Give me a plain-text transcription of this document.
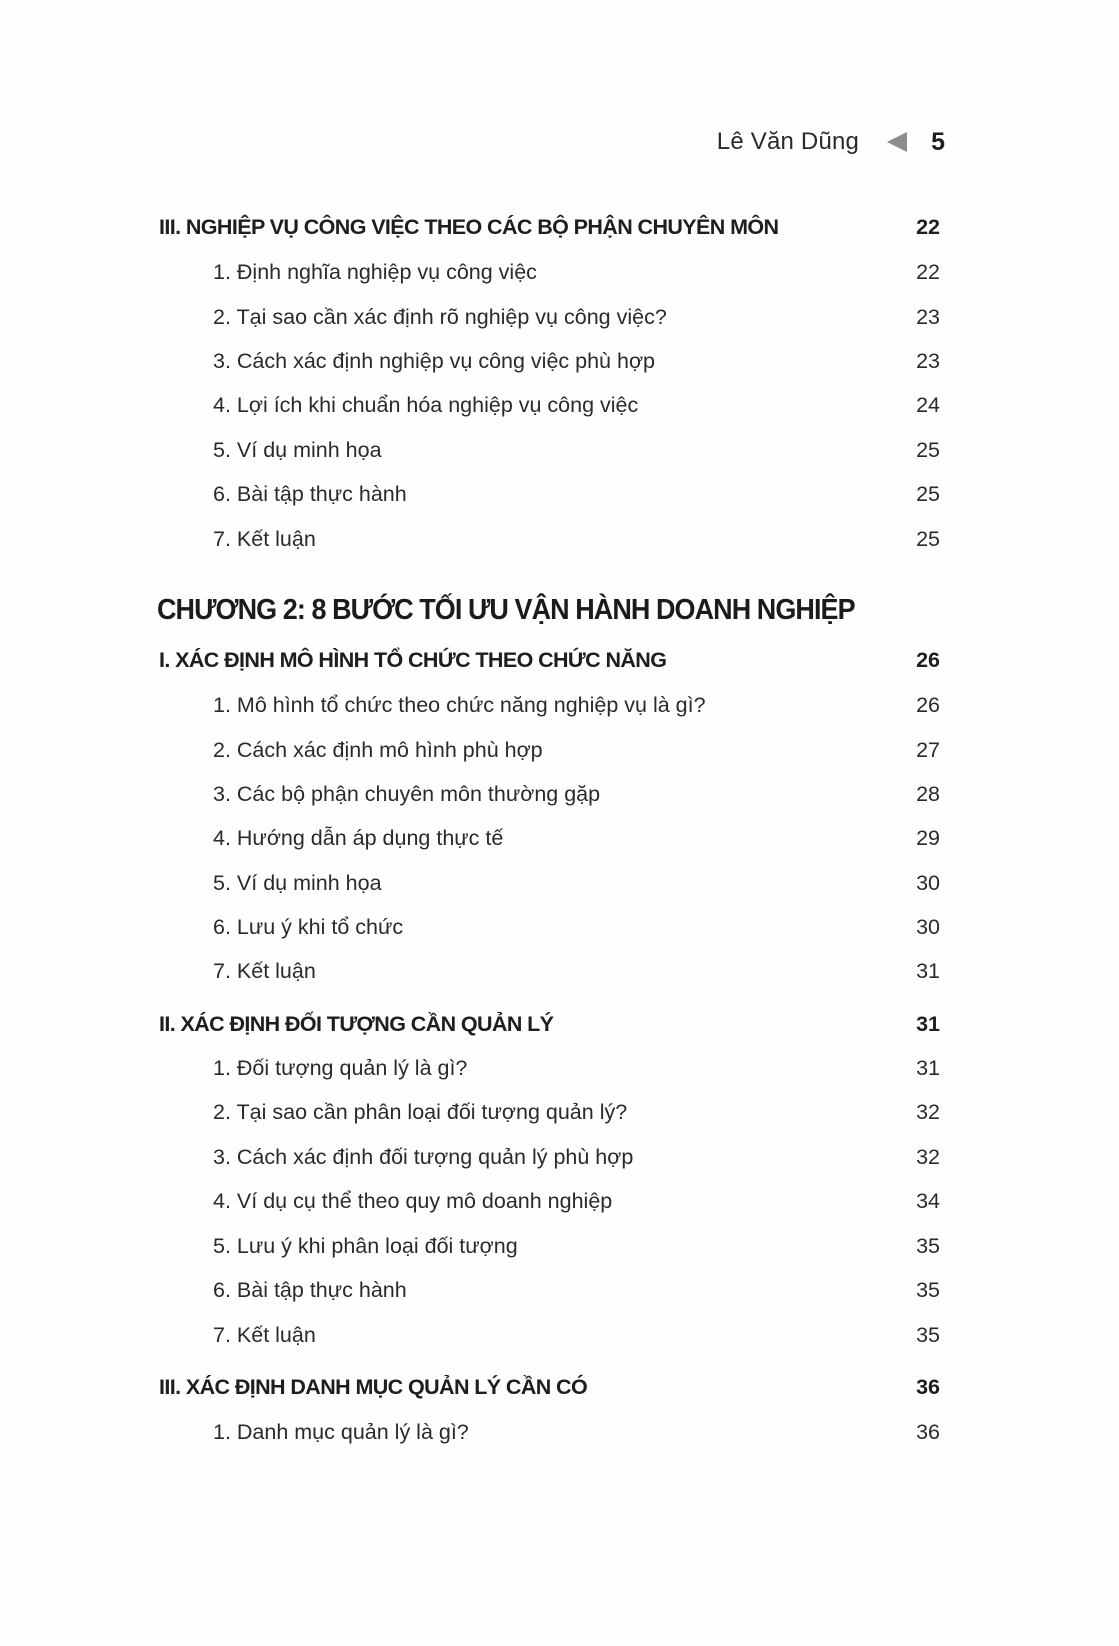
Lê Văn Dũng	5
III. NGHIỆP VỤ CÔNG VIỆC THEO CÁC BỘ PHẬN CHUYÊN MÔN .....	22
1. Định nghĩa nghiệp vụ công việc .....	22
2. Tại sao cần xác định rõ nghiệp vụ công việc? .....	23
3. Cách xác định nghiệp vụ công việc phù hợp .....	23
4. Lợi ích khi chuẩn hóa nghiệp vụ công việc .....	24
5. Ví dụ minh họa .....	25
6. Bài tập thực hành .....	25
7. Kết luận .....	25
CHƯƠNG 2: 8 BƯỚC TỐI ƯU VẬN HÀNH DOANH NGHIỆP
I. XÁC ĐỊNH MÔ HÌNH TỔ CHỨC THEO CHỨC NĂNG .....	26
1. Mô hình tổ chức theo chức năng nghiệp vụ là gì? .....	26
2. Cách xác định mô hình phù hợp .....	27
3. Các bộ phận chuyên môn thường gặp .....	28
4. Hướng dẫn áp dụng thực tế .....	29
5. Ví dụ minh họa .....	30
6. Lưu ý khi tổ chức .....	30
7. Kết luận .....	31
II. XÁC ĐỊNH ĐỐI TƯỢNG CẦN QUẢN LÝ .....	31
1. Đối tượng quản lý là gì? .....	31
2. Tại sao cần phân loại đối tượng quản lý? .....	32
3. Cách xác định đối tượng quản lý phù hợp .....	32
4. Ví dụ cụ thể theo quy mô doanh nghiệp .....	34
5. Lưu ý khi phân loại đối tượng .....	35
6. Bài tập thực hành .....	35
7. Kết luận .....	35
III. XÁC ĐỊNH DANH MỤC QUẢN LÝ CẦN CÓ .....	36
1. Danh mục quản lý là gì? .....	36
